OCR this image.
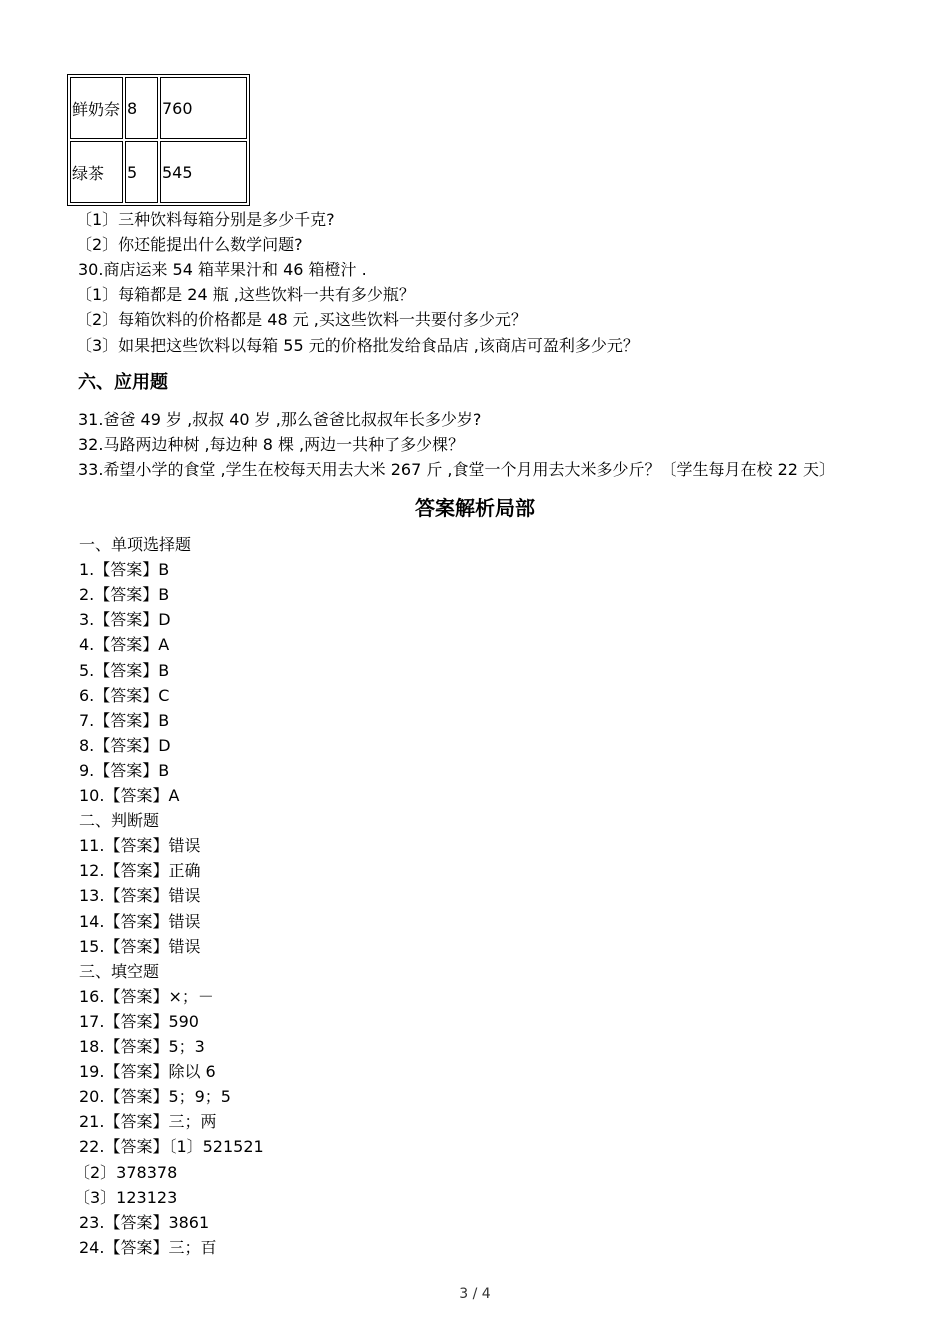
鲜奶奈	8	760
绿茶	5	545
〔1〕三种饮料每箱分别是多少千克?
〔2〕你还能提出什么数学问题?
30.商店运来 54 箱苹果汁和 46 箱橙汁 .
〔1〕每箱都是 24 瓶 ,这些饮料一共有多少瓶？
〔2〕每箱饮料的价格都是 48 元 ,买这些饮料一共要付多少元？
〔3〕如果把这些饮料以每箱 55 元的价格批发给食品店 ,该商店可盈利多少元？
六、应用题
31.爸爸 49 岁 ,叔叔 40 岁 ,那么爸爸比叔叔年长多少岁?
32.马路两边种树 ,每边种 8 棵 ,两边一共种了多少棵？
33.希望小学的食堂 ,学生在校每天用去大米 267 斤 ,食堂一个月用去大米多少斤？〔学生每月在校 22 天〕
答案解析局部
一、单项选择题
1.【答案】B
2.【答案】B
3.【答案】D
4.【答案】A
5.【答案】B
6.【答案】C
7.【答案】B
8.【答案】D
9.【答案】B
10.【答案】A
二、判断题
11.【答案】错误
12.【答案】正确
13.【答案】错误
14.【答案】错误
15.【答案】错误
三、填空题
16.【答案】×；－
17.【答案】590
18.【答案】5；3
19.【答案】除以 6
20.【答案】5；9；5
21.【答案】三；两
22.【答案】〔1〕521521
〔2〕378378
〔3〕123123
23.【答案】3861
24.【答案】三；百
3 / 4
